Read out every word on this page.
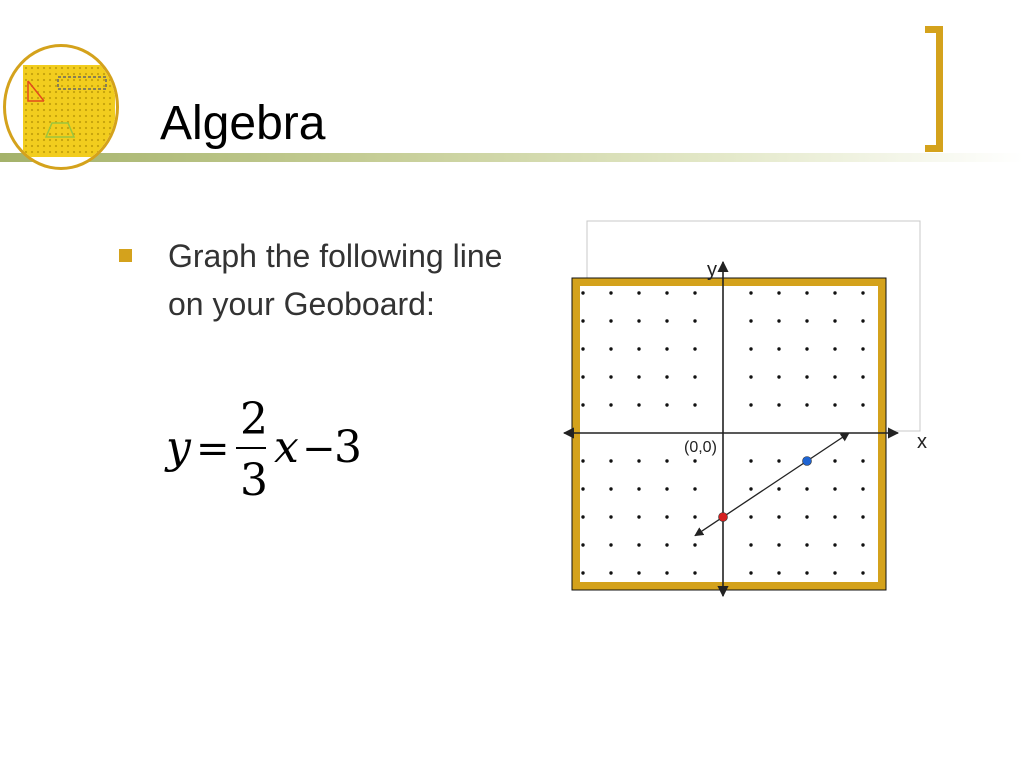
Algebra
Graph the following line on your Geoboard:
y =
2
3
x −
3	x
y
(0,0)
